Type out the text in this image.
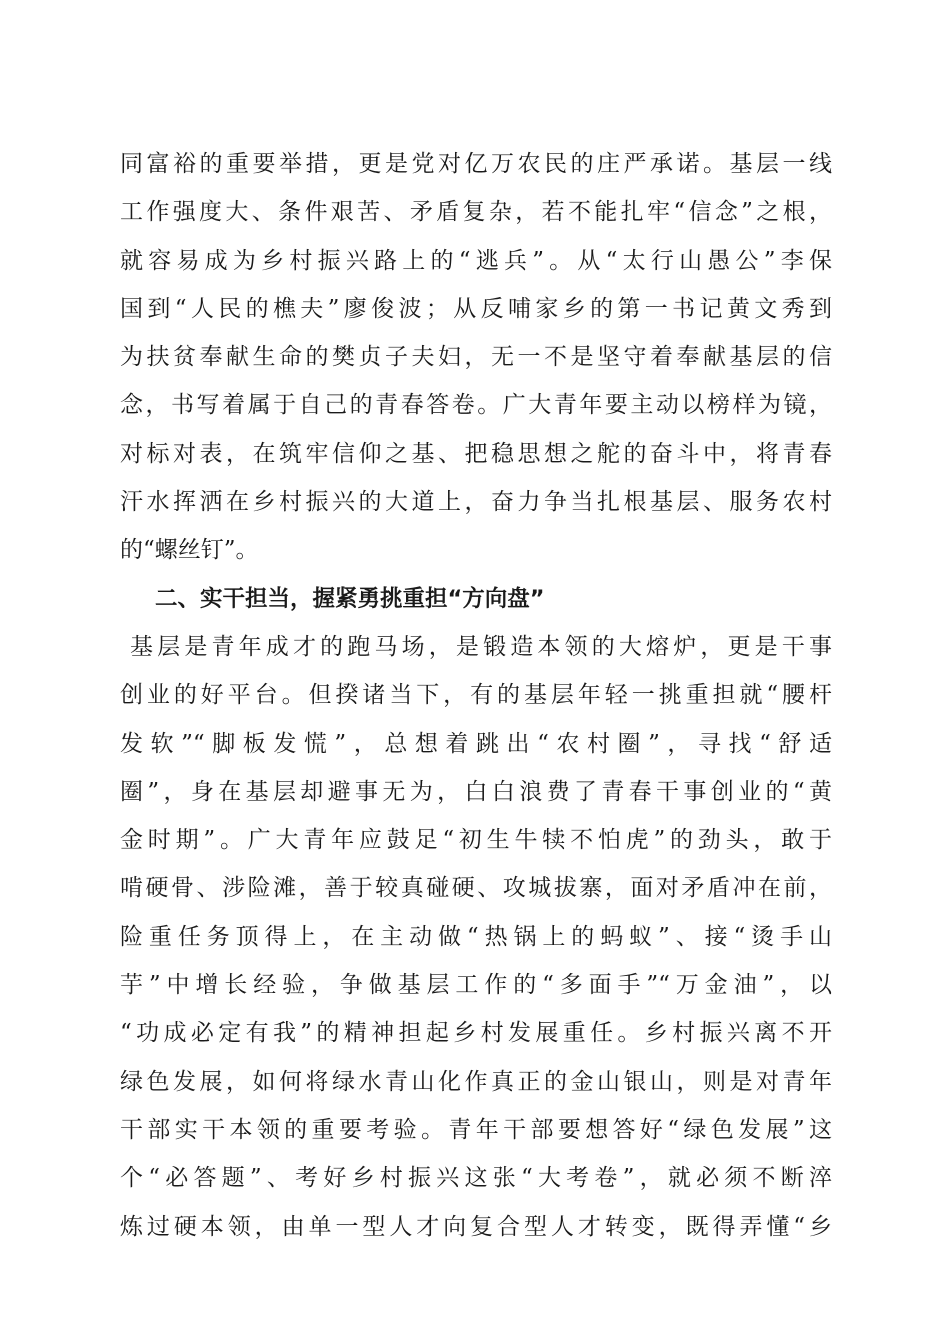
同富裕的重要举措，更是党对亿万农民的庄严承诺。基层一线
工作强度大、条件艰苦、矛盾复杂，若不能扎牢“信念”之根，
就容易成为乡村振兴路上的“逃兵”。从“太行山愚公”李保
国到“人民的樵夫”廖俊波；从反哺家乡的第一书记黄文秀到
为扶贫奉献生命的樊贞子夫妇，无一不是坚守着奉献基层的信
念，书写着属于自己的青春答卷。广大青年要主动以榜样为镜，
对标对表，在筑牢信仰之基、把稳思想之舵的奋斗中，将青春
汗水挥洒在乡村振兴的大道上，奋力争当扎根基层、服务农村
的“螺丝钉”。
二、实干担当，握紧勇挑重担“方向盘”
基层是青年成才的跑马场，是锻造本领的大熔炉，更是干事
创业的好平台。但揆诸当下，有的基层年轻一挑重担就“腰杆
发软”“脚板发慌”，总想着跳出“农村圈”，寻找“舒适
圈”，身在基层却避事无为，白白浪费了青春干事创业的“黄
金时期”。广大青年应鼓足“初生牛犊不怕虎”的劲头，敢于
啃硬骨、涉险滩，善于较真碰硬、攻城拔寨，面对矛盾冲在前，
险重任务顶得上，在主动做“热锅上的蚂蚁”、接“烫手山
芋”中增长经验，争做基层工作的“多面手”“万金油”，以
“功成必定有我”的精神担起乡村发展重任。乡村振兴离不开
绿色发展，如何将绿水青山化作真正的金山银山，则是对青年
干部实干本领的重要考验。青年干部要想答好“绿色发展”这
个“必答题”、考好乡村振兴这张“大考卷”，就必须不断淬
炼过硬本领，由单一型人才向复合型人才转变，既得弄懂“乡
